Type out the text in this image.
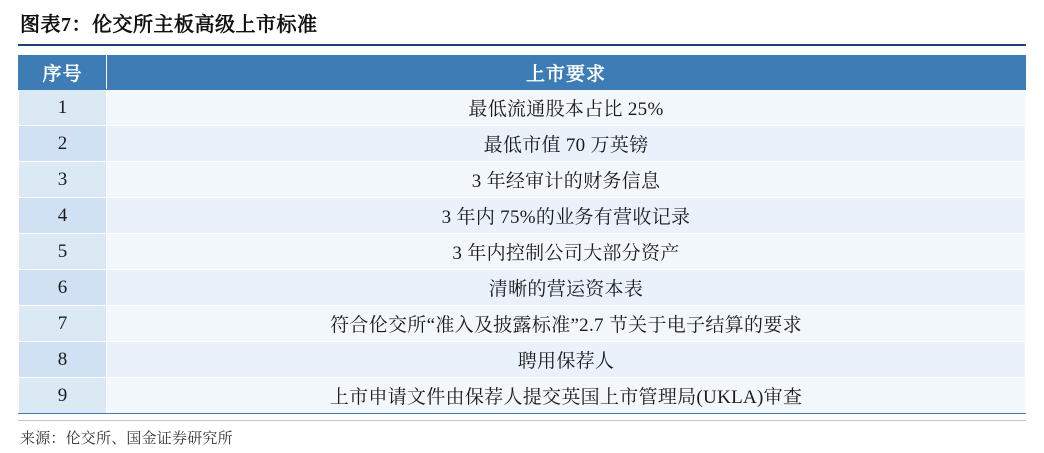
图表7：伦交所主板高级上市标准
序号	上市要求
1	最低流通股本占比 25%
2	最低市值 70 万英镑
3	3 年经审计的财务信息
4	3 年内 75%的业务有营收记录
5	3 年内控制公司大部分资产
6	清晰的营运资本表
7	符合伦交所“准入及披露标准”2.7 节关于电子结算的要求
8	聘用保荐人
9	上市申请文件由保荐人提交英国上市管理局(UKLA)审查
来源：伦交所、国金证券研究所
